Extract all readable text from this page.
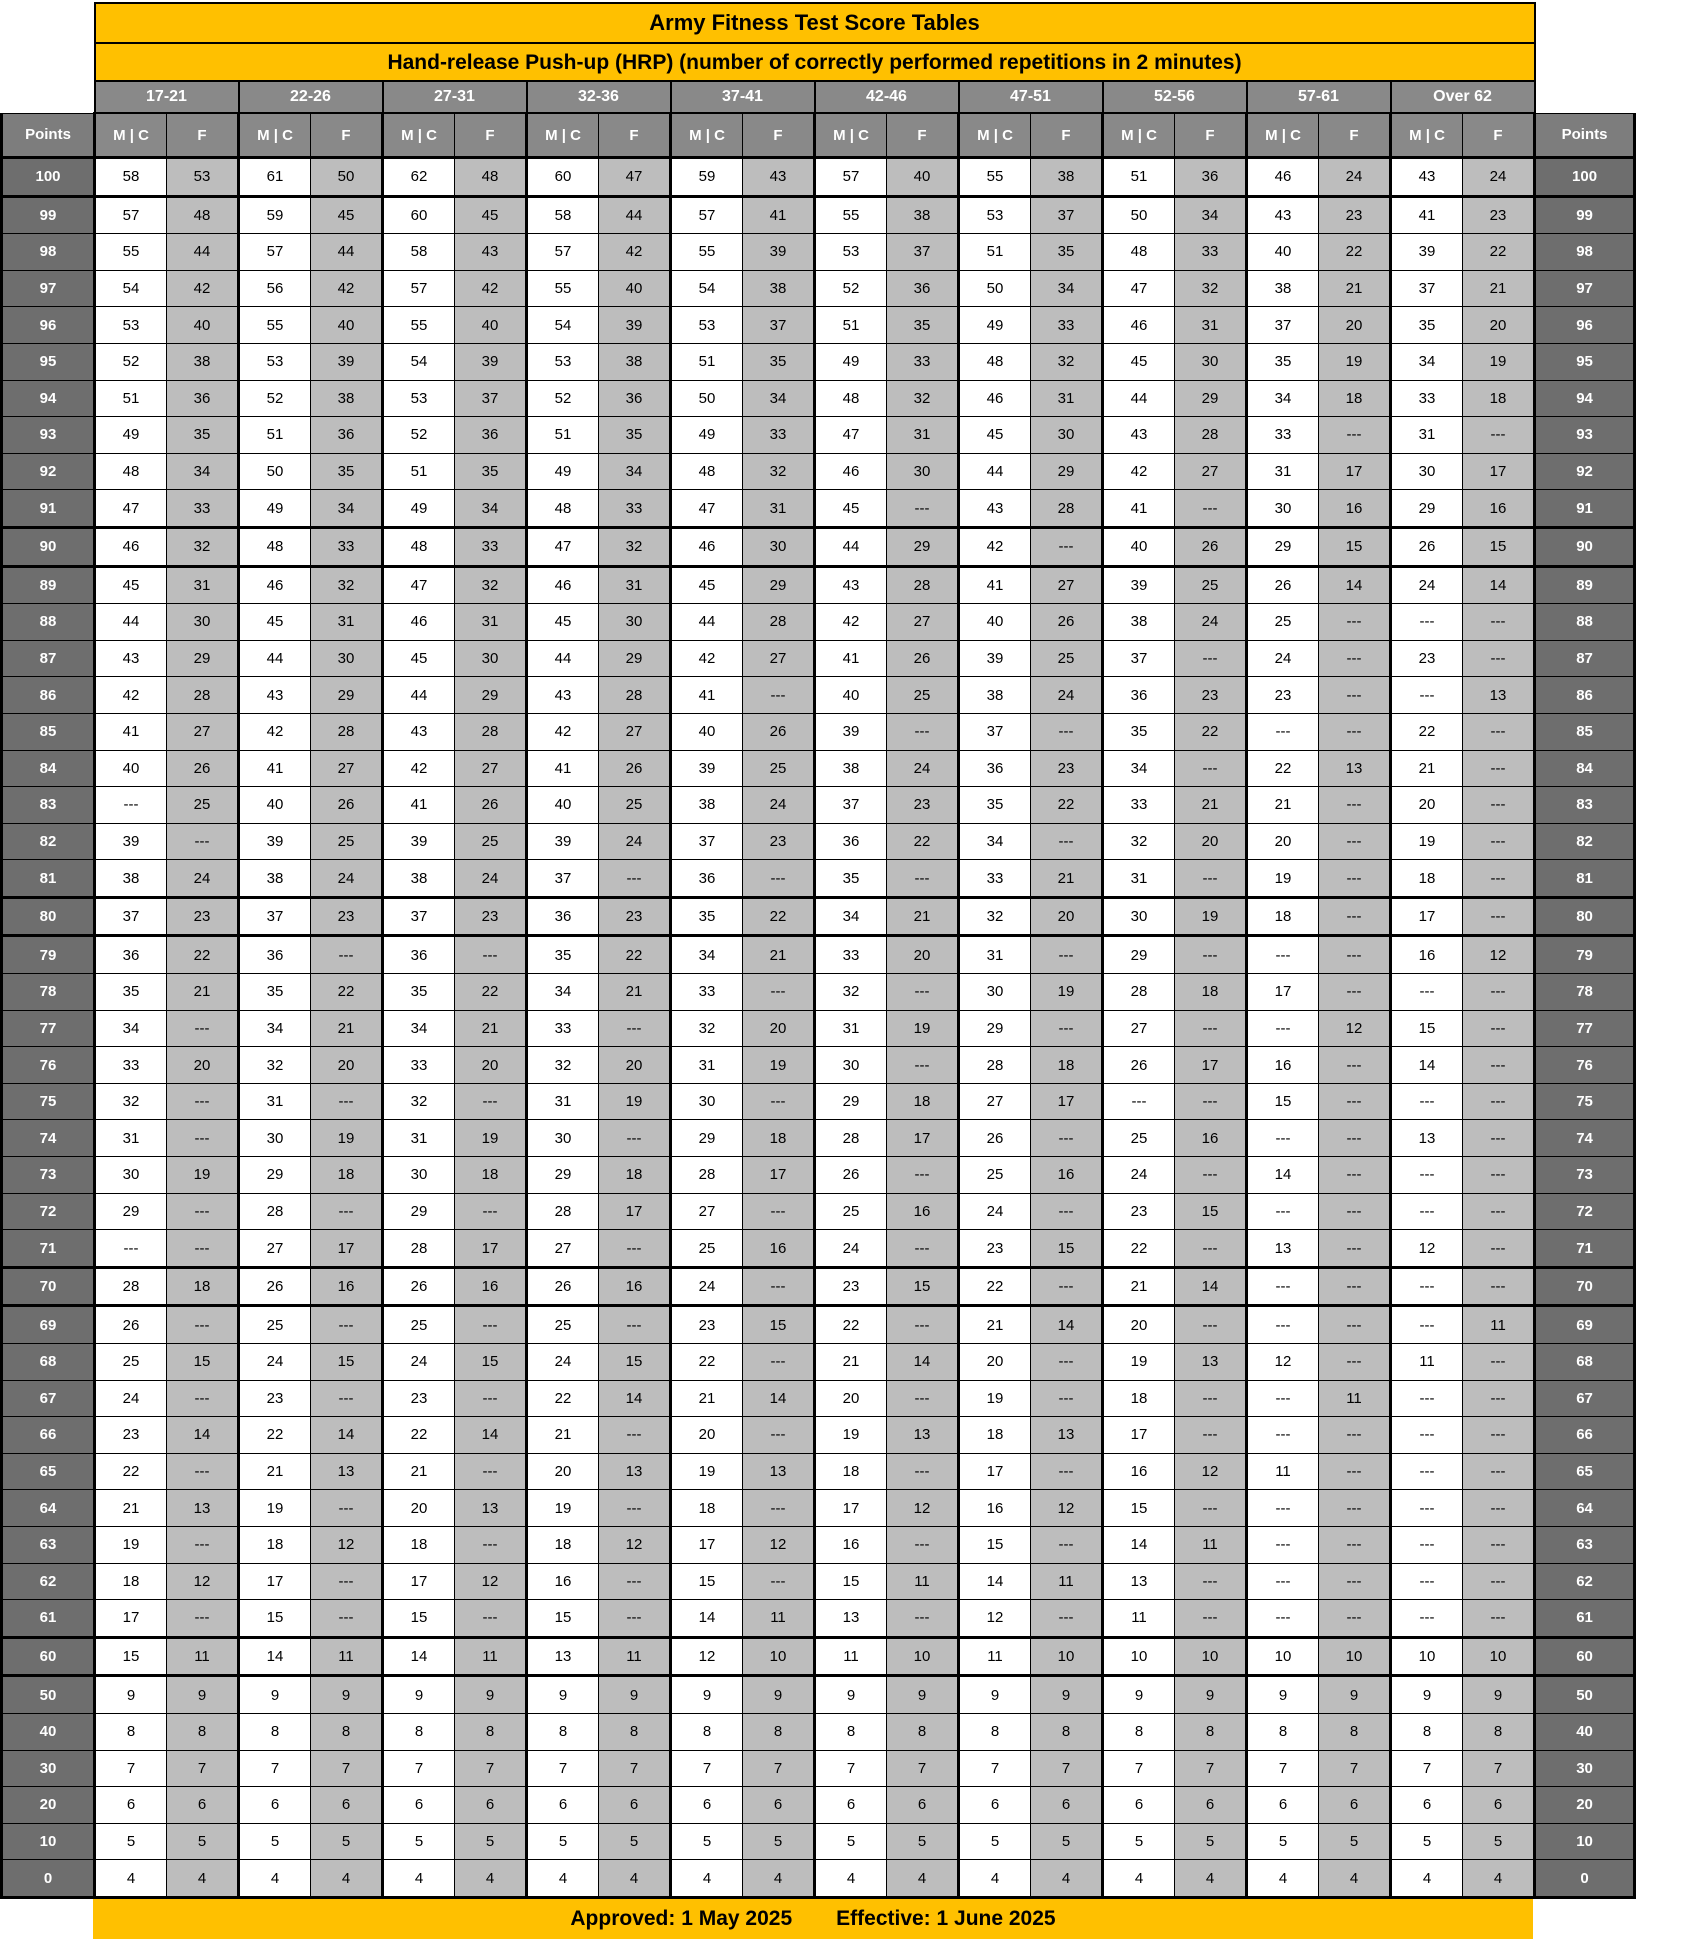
	Army Fitness Test Score Tables																				
	Hand-release Push-up (HRP) (number of correctly performed repetitions in 2 minutes)																				
	17-21		22-26		27-31		32-36		37-41		42-46		47-51		52-56		57-61		Over 62		
Points	M | C	F	M | C	F	M | C	F	M | C	F	M | C	F	M | C	F	M | C	F	M | C	F	M | C	F	M | C	F	Points
100	58	53	61	50	62	48	60	47	59	43	57	40	55	38	51	36	46	24	43	24	100
99	57	48	59	45	60	45	58	44	57	41	55	38	53	37	50	34	43	23	41	23	99
98	55	44	57	44	58	43	57	42	55	39	53	37	51	35	48	33	40	22	39	22	98
97	54	42	56	42	57	42	55	40	54	38	52	36	50	34	47	32	38	21	37	21	97
96	53	40	55	40	55	40	54	39	53	37	51	35	49	33	46	31	37	20	35	20	96
95	52	38	53	39	54	39	53	38	51	35	49	33	48	32	45	30	35	19	34	19	95
94	51	36	52	38	53	37	52	36	50	34	48	32	46	31	44	29	34	18	33	18	94
93	49	35	51	36	52	36	51	35	49	33	47	31	45	30	43	28	33	---	31	---	93
92	48	34	50	35	51	35	49	34	48	32	46	30	44	29	42	27	31	17	30	17	92
91	47	33	49	34	49	34	48	33	47	31	45	---	43	28	41	---	30	16	29	16	91
90	46	32	48	33	48	33	47	32	46	30	44	29	42	---	40	26	29	15	26	15	90
89	45	31	46	32	47	32	46	31	45	29	43	28	41	27	39	25	26	14	24	14	89
88	44	30	45	31	46	31	45	30	44	28	42	27	40	26	38	24	25	---	---	---	88
87	43	29	44	30	45	30	44	29	42	27	41	26	39	25	37	---	24	---	23	---	87
86	42	28	43	29	44	29	43	28	41	---	40	25	38	24	36	23	23	---	---	13	86
85	41	27	42	28	43	28	42	27	40	26	39	---	37	---	35	22	---	---	22	---	85
84	40	26	41	27	42	27	41	26	39	25	38	24	36	23	34	---	22	13	21	---	84
83	---	25	40	26	41	26	40	25	38	24	37	23	35	22	33	21	21	---	20	---	83
82	39	---	39	25	39	25	39	24	37	23	36	22	34	---	32	20	20	---	19	---	82
81	38	24	38	24	38	24	37	---	36	---	35	---	33	21	31	---	19	---	18	---	81
80	37	23	37	23	37	23	36	23	35	22	34	21	32	20	30	19	18	---	17	---	80
79	36	22	36	---	36	---	35	22	34	21	33	20	31	---	29	---	---	---	16	12	79
78	35	21	35	22	35	22	34	21	33	---	32	---	30	19	28	18	17	---	---	---	78
77	34	---	34	21	34	21	33	---	32	20	31	19	29	---	27	---	---	12	15	---	77
76	33	20	32	20	33	20	32	20	31	19	30	---	28	18	26	17	16	---	14	---	76
75	32	---	31	---	32	---	31	19	30	---	29	18	27	17	---	---	15	---	---	---	75
74	31	---	30	19	31	19	30	---	29	18	28	17	26	---	25	16	---	---	13	---	74
73	30	19	29	18	30	18	29	18	28	17	26	---	25	16	24	---	14	---	---	---	73
72	29	---	28	---	29	---	28	17	27	---	25	16	24	---	23	15	---	---	---	---	72
71	---	---	27	17	28	17	27	---	25	16	24	---	23	15	22	---	13	---	12	---	71
70	28	18	26	16	26	16	26	16	24	---	23	15	22	---	21	14	---	---	---	---	70
69	26	---	25	---	25	---	25	---	23	15	22	---	21	14	20	---	---	---	---	11	69
68	25	15	24	15	24	15	24	15	22	---	21	14	20	---	19	13	12	---	11	---	68
67	24	---	23	---	23	---	22	14	21	14	20	---	19	---	18	---	---	11	---	---	67
66	23	14	22	14	22	14	21	---	20	---	19	13	18	13	17	---	---	---	---	---	66
65	22	---	21	13	21	---	20	13	19	13	18	---	17	---	16	12	11	---	---	---	65
64	21	13	19	---	20	13	19	---	18	---	17	12	16	12	15	---	---	---	---	---	64
63	19	---	18	12	18	---	18	12	17	12	16	---	15	---	14	11	---	---	---	---	63
62	18	12	17	---	17	12	16	---	15	---	15	11	14	11	13	---	---	---	---	---	62
61	17	---	15	---	15	---	15	---	14	11	13	---	12	---	11	---	---	---	---	---	61
60	15	11	14	11	14	11	13	11	12	10	11	10	11	10	10	10	10	10	10	10	60
50	9	9	9	9	9	9	9	9	9	9	9	9	9	9	9	9	9	9	9	9	50
40	8	8	8	8	8	8	8	8	8	8	8	8	8	8	8	8	8	8	8	8	40
30	7	7	7	7	7	7	7	7	7	7	7	7	7	7	7	7	7	7	7	7	30
20	6	6	6	6	6	6	6	6	6	6	6	6	6	6	6	6	6	6	6	6	20
10	5	5	5	5	5	5	5	5	5	5	5	5	5	5	5	5	5	5	5	5	10
0	4	4	4	4	4	4	4	4	4	4	4	4	4	4	4	4	4	4	4	4	0
Approved: 1 May 2025 Effective: 1 June 2025
